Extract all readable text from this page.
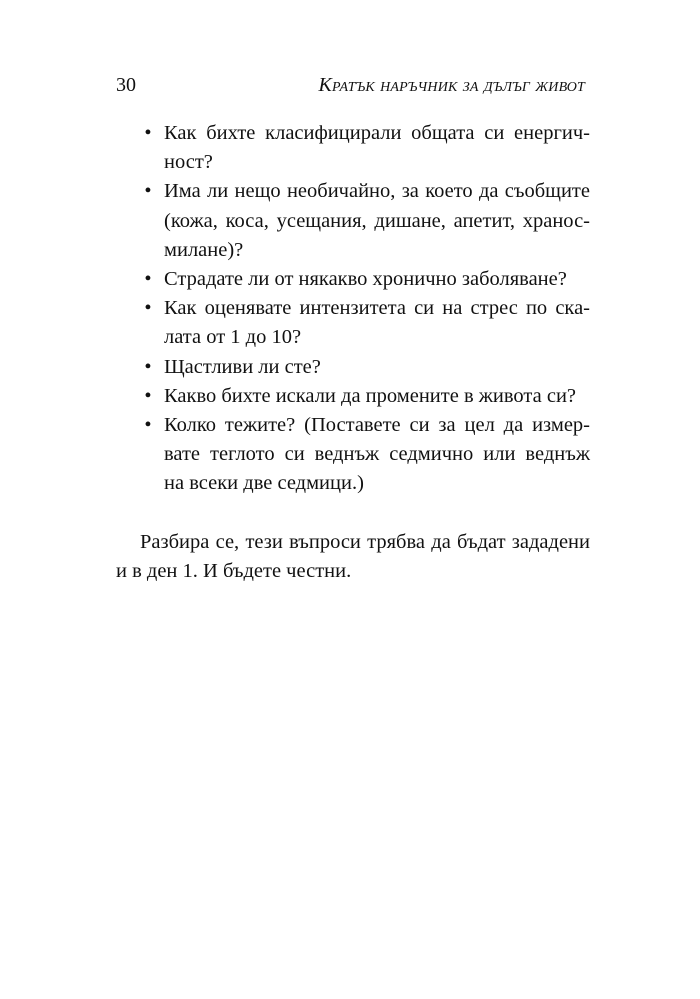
30	Кратък наръчник за дълъг живот
• Как бихте класифицирали общата си енергич-
ност?
• Има ли нещо необичайно, за което да съобщите
(кожа, коса, усещания, дишане, апетит, хранос-
милане)?
• Страдате ли от някакво хронично заболяване?
• Как оценявате интензитета си на стрес по ска-
лата от 1 до 10?
• Щастливи ли сте?
• Какво бихте искали да промените в живота си?
• Колко тежите? (Поставете си за цел да измер-
вате теглото си веднъж седмично или веднъж
на всеки две седмици.)
Разбира се, тези въпроси трябва да бъдат зададени
и в ден 1. И бъдете честни.
